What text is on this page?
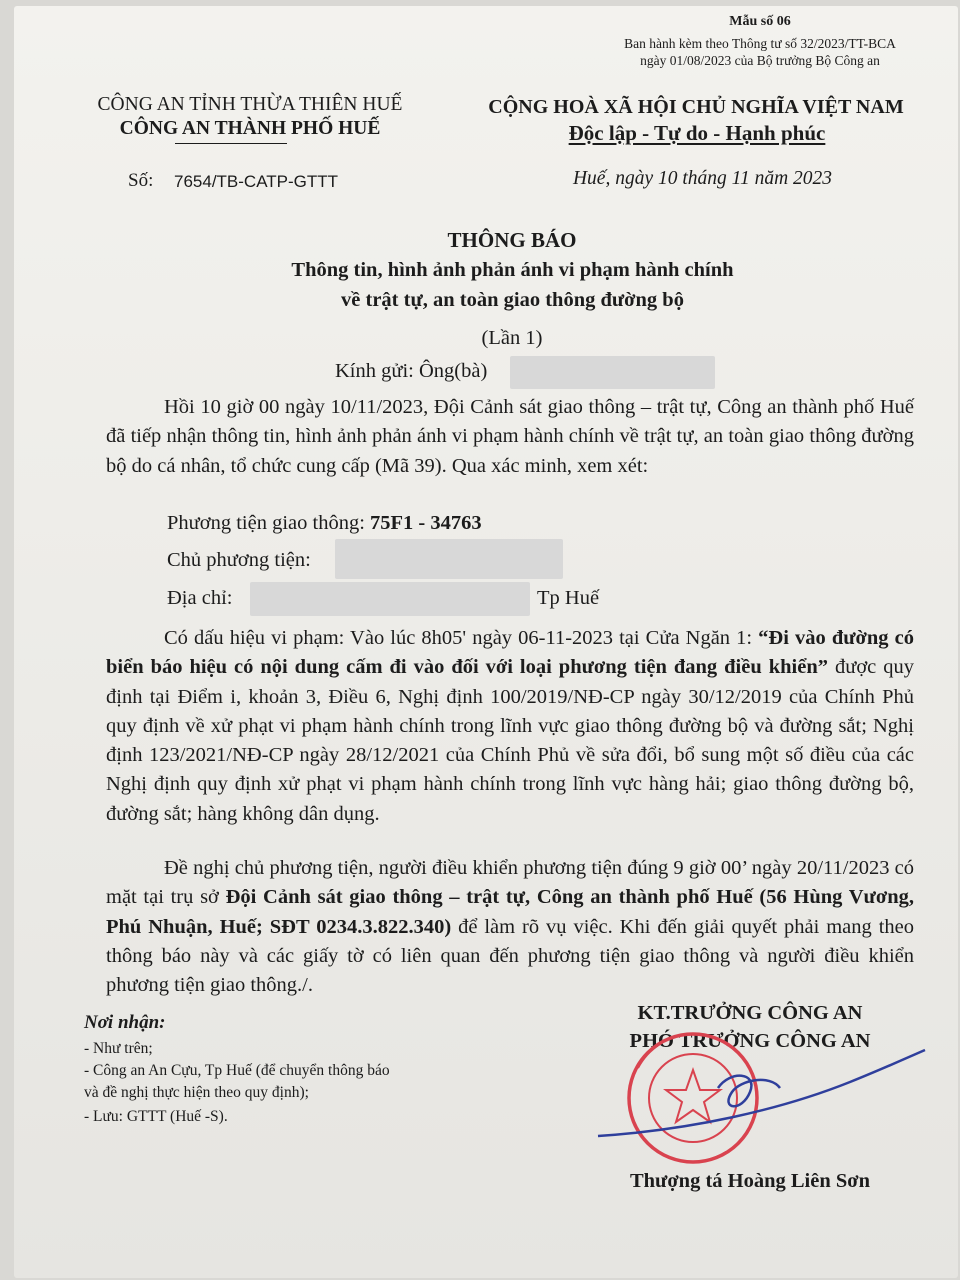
Mẫu số 06
Ban hành kèm theo Thông tư số 32/2023/TT-BCA
ngày 01/08/2023 của Bộ trưởng Bộ Công an
CÔNG AN TỈNH THỪA THIÊN HUẾ
CÔNG AN THÀNH PHỐ HUẾ
Số: 7654/TB-CATP-GTTT
CỘNG HOÀ XÃ HỘI CHỦ NGHĨA VIỆT NAM
Độc lập - Tự do - Hạnh phúc
Huế, ngày 10 tháng 11 năm 2023
THÔNG BÁO
Thông tin, hình ảnh phản ánh vi phạm hành chính
về trật tự, an toàn giao thông đường bộ
(Lần 1)
Kính gửi: Ông(bà)
Hồi 10 giờ 00 ngày 10/11/2023, Đội Cảnh sát giao thông – trật tự, Công an thành phố Huế đã tiếp nhận thông tin, hình ảnh phản ánh vi phạm hành chính về trật tự, an toàn giao thông đường bộ do cá nhân, tổ chức cung cấp (Mã 39). Qua xác minh, xem xét:
Phương tiện giao thông: 75F1 - 34763
Chủ phương tiện:
Địa chỉ:	Tp Huế
Có dấu hiệu vi phạm: Vào lúc 8h05' ngày 06-11-2023 tại Cửa Ngăn 1: “Đi vào đường có biển báo hiệu có nội dung cấm đi vào đối với loại phương tiện đang điều khiển” được quy định tại Điểm i, khoản 3, Điều 6, Nghị định 100/2019/NĐ-CP ngày 30/12/2019 của Chính Phủ quy định về xử phạt vi phạm hành chính trong lĩnh vực giao thông đường bộ và đường sắt; Nghị định 123/2021/NĐ-CP ngày 28/12/2021 của Chính Phủ về sửa đổi, bổ sung một số điều của các Nghị định quy định xử phạt vi phạm hành chính trong lĩnh vực hàng hải; giao thông đường bộ, đường sắt; hàng không dân dụng.
Đề nghị chủ phương tiện, người điều khiển phương tiện đúng 9 giờ 00’ ngày 20/11/2023 có mặt tại trụ sở Đội Cảnh sát giao thông – trật tự, Công an thành phố Huế (56 Hùng Vương, Phú Nhuận, Huế; SĐT 0234.3.822.340) để làm rõ vụ việc. Khi đến giải quyết phải mang theo thông báo này và các giấy tờ có liên quan đến phương tiện giao thông và người điều khiển phương tiện giao thông./.
Nơi nhận:
- Như trên;
- Công an An Cựu, Tp Huế (để chuyển thông báo
và đề nghị thực hiện theo quy định);
- Lưu: GTTT (Huế -S).
KT.TRƯỞNG CÔNG AN
PHÓ TRƯỞNG CÔNG AN
Thượng tá Hoàng Liên Sơn
